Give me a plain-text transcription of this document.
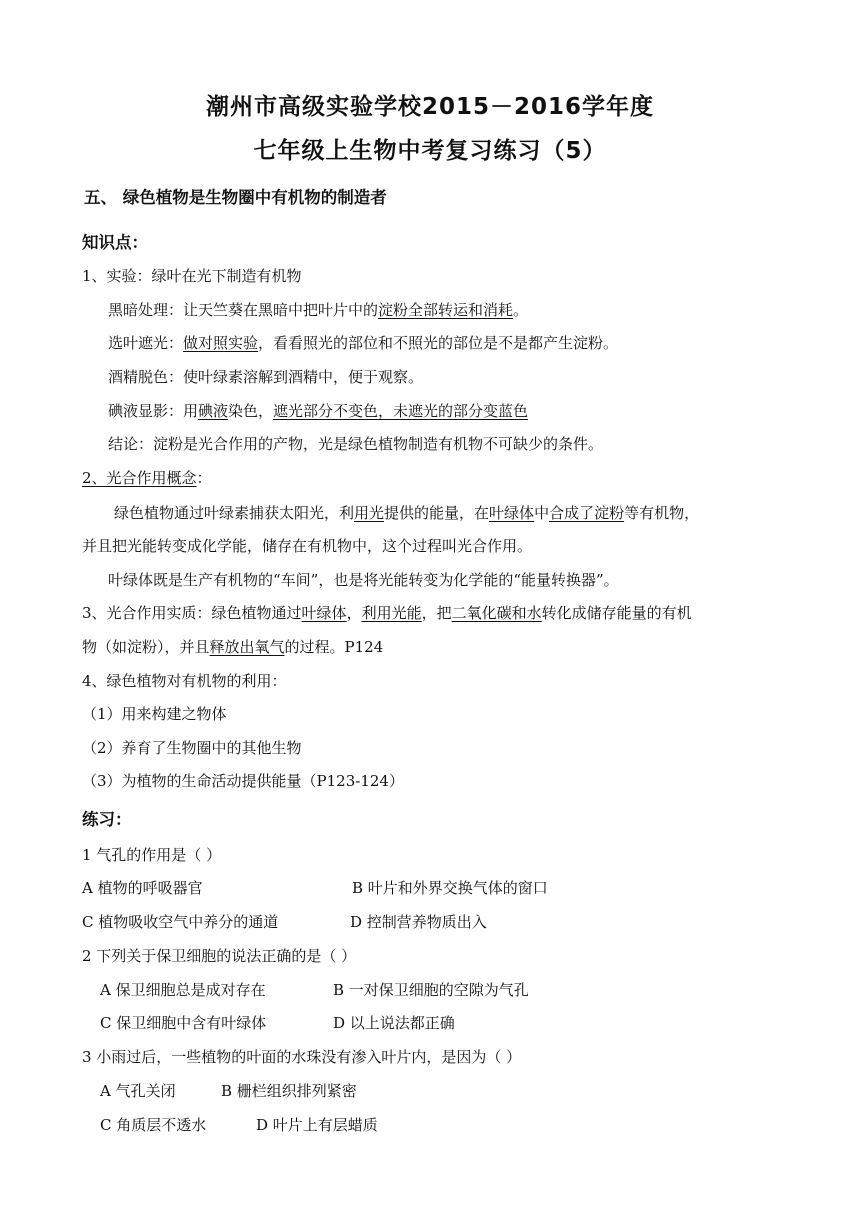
潮州市高级实验学校2015－2016学年度
七年级上生物中考复习练习（5）
五、 绿色植物是生物圈中有机物的制造者
知识点：
1、实验：绿叶在光下制造有机物
黑暗处理：让天竺葵在黑暗中把叶片中的淀粉全部转运和消耗。
选叶遮光：做对照实验，看看照光的部位和不照光的部位是不是都产生淀粉。
酒精脱色：使叶绿素溶解到酒精中，便于观察。
碘液显影：用碘液染色，遮光部分不变色，未遮光的部分变蓝色
结论：淀粉是光合作用的产物，光是绿色植物制造有机物不可缺少的条件。
2、光合作用概念：
绿色植物通过叶绿素捕获太阳光，利用光提供的能量，在叶绿体中合成了淀粉等有机物，
并且把光能转变成化学能，储存在有机物中，这个过程叫光合作用。
叶绿体既是生产有机物的“车间”，也是将光能转变为化学能的“能量转换器”。
3、光合作用实质：绿色植物通过叶绿体，利用光能，把二氧化碳和水转化成储存能量的有机
物（如淀粉），并且释放出氧气的过程。P124
4、绿色植物对有机物的利用：
（1）用来构建之物体
（2）养育了生物圈中的其他生物
（3）为植物的生命活动提供能量（P123-124）
练习：
1 气孔的作用是（ ）
A 植物的呼吸器官	B 叶片和外界交换气体的窗口
C 植物吸收空气中养分的通道	D 控制营养物质出入
2 下列关于保卫细胞的说法正确的是（ ）
A 保卫细胞总是成对存在	B 一对保卫细胞的空隙为气孔
C 保卫细胞中含有叶绿体	D 以上说法都正确
3 小雨过后，一些植物的叶面的水珠没有渗入叶片内，是因为（ ）
A 气孔关闭	B 栅栏组织排列紧密
C 角质层不透水	D 叶片上有层蜡质
